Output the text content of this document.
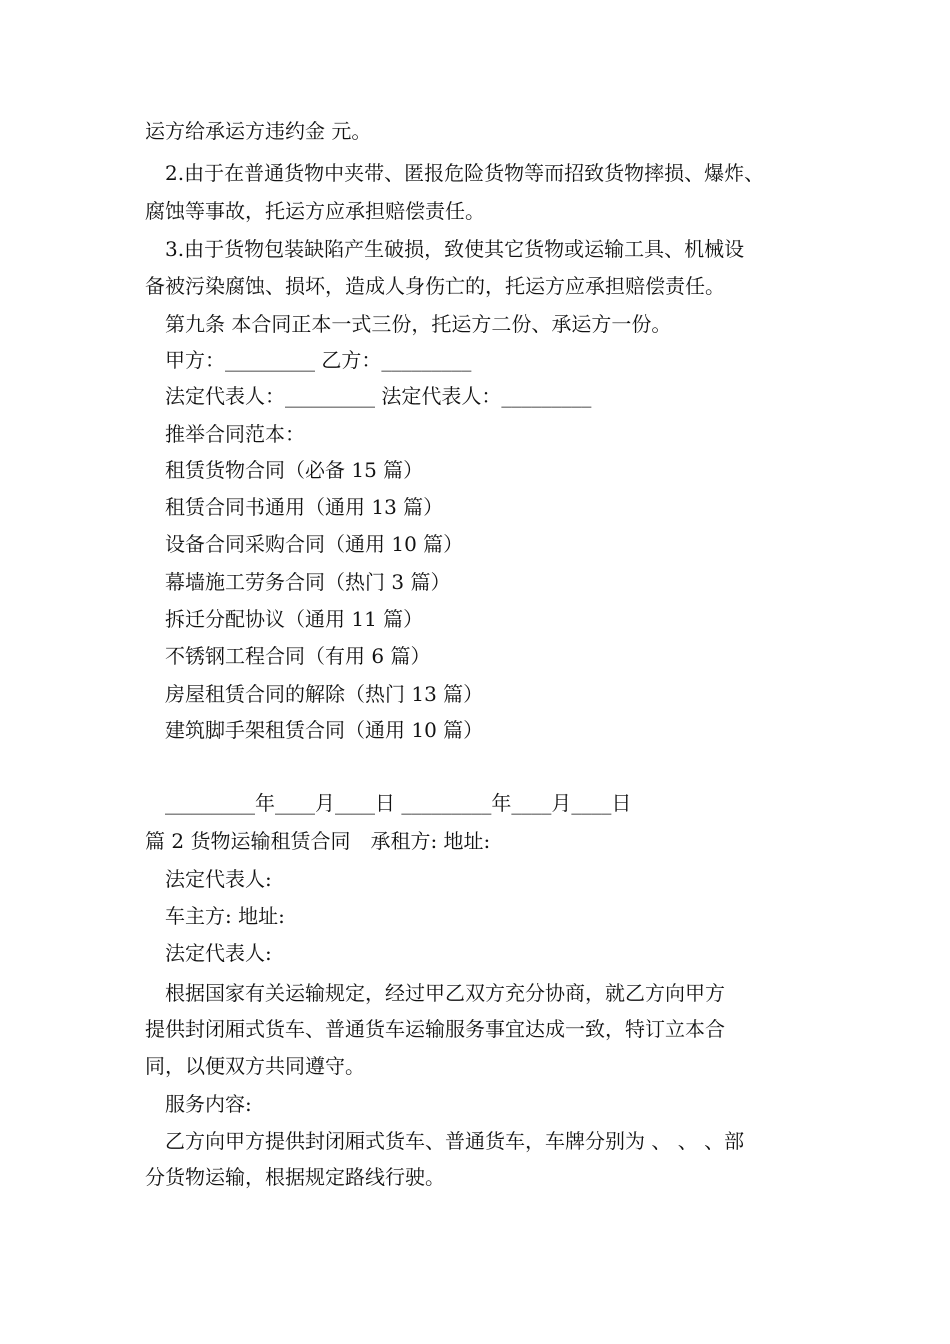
运方给承运方违约金 元。
2.由于在普通货物中夹带、匿报危险货物等而招致货物摔损、爆炸、
腐蚀等事故，托运方应承担赔偿责任。
3.由于货物包装缺陷产生破损，致使其它货物或运输工具、机械设
备被污染腐蚀、损坏，造成人身伤亡的，托运方应承担赔偿责任。
第九条 本合同正本一式三份，托运方二份、承运方一份。
甲方：_________ 乙方：_________
法定代表人：_________ 法定代表人：_________
推举合同范本：
租赁货物合同（必备 15 篇）
租赁合同书通用（通用 13 篇）
设备合同采购合同（通用 10 篇）
幕墙施工劳务合同（热门 3 篇）
拆迁分配协议（通用 11 篇）
不锈钢工程合同（有用 6 篇）
房屋租赁合同的解除（热门 13 篇）
建筑脚手架租赁合同（通用 10 篇）
_________年____月____日 _________年____月____日
篇 2 货物运输租赁合同　承租方: 地址:
法定代表人:
车主方: 地址:
法定代表人:
根据国家有关运输规定，经过甲乙双方充分协商，就乙方向甲方
提供封闭厢式货车、普通货车运输服务事宜达成一致，特订立本合
同，以便双方共同遵守。
服务内容:
乙方向甲方提供封闭厢式货车、普通货车，车牌分别为 、 、 、部
分货物运输，根据规定路线行驶。
